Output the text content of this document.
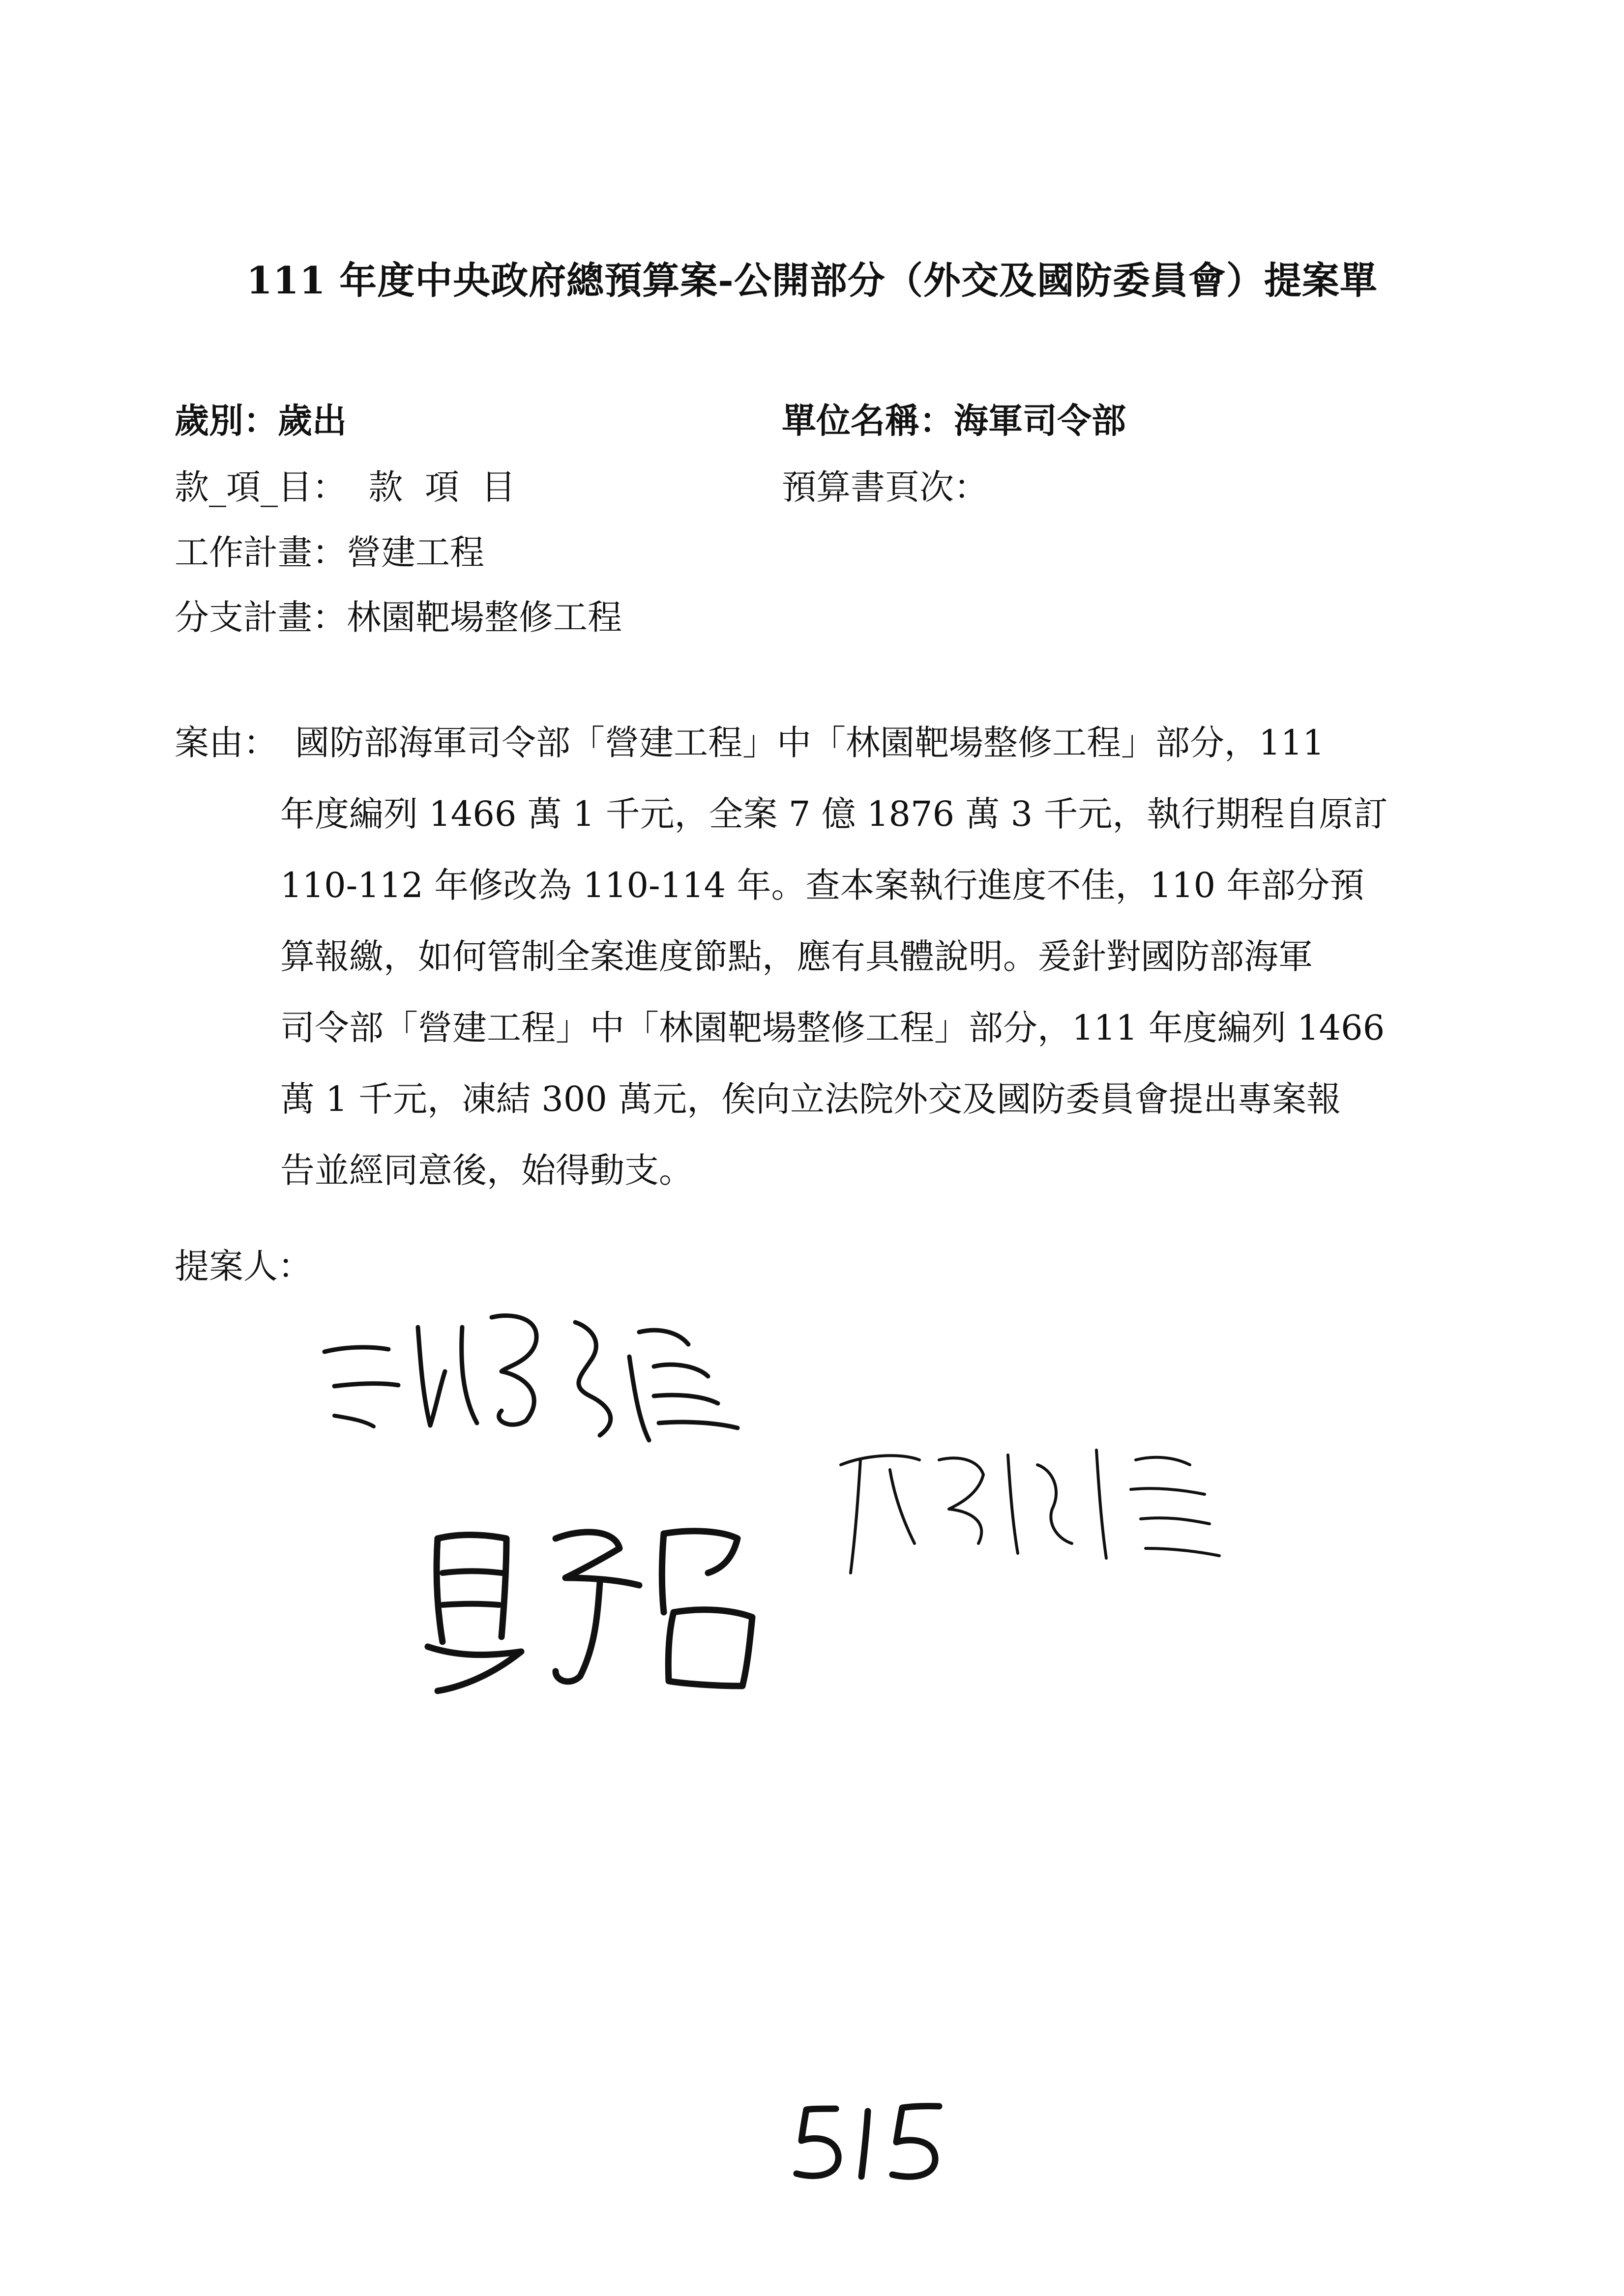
111 年度中央政府總預算案-公開部分（外交及國防委員會）提案單
歲別：歲出	單位名稱：海軍司令部
款_項_目：  款  項  目	預算書頁次：
工作計畫：營建工程
分支計畫：林園靶場整修工程
案由： 國防部海軍司令部「營建工程」中「林園靶場整修工程」部分，111
年度編列 1466 萬 1 千元，全案 7 億 1876 萬 3 千元，執行期程自原訂
110-112 年修改為 110-114 年。查本案執行進度不佳，110 年部分預
算報繳，如何管制全案進度節點，應有具體說明。爰針對國防部海軍
司令部「營建工程」中「林園靶場整修工程」部分，111 年度編列 1466
萬 1 千元，凍結 300 萬元，俟向立法院外交及國防委員會提出專案報
告並經同意後，始得動支。
提案人：
